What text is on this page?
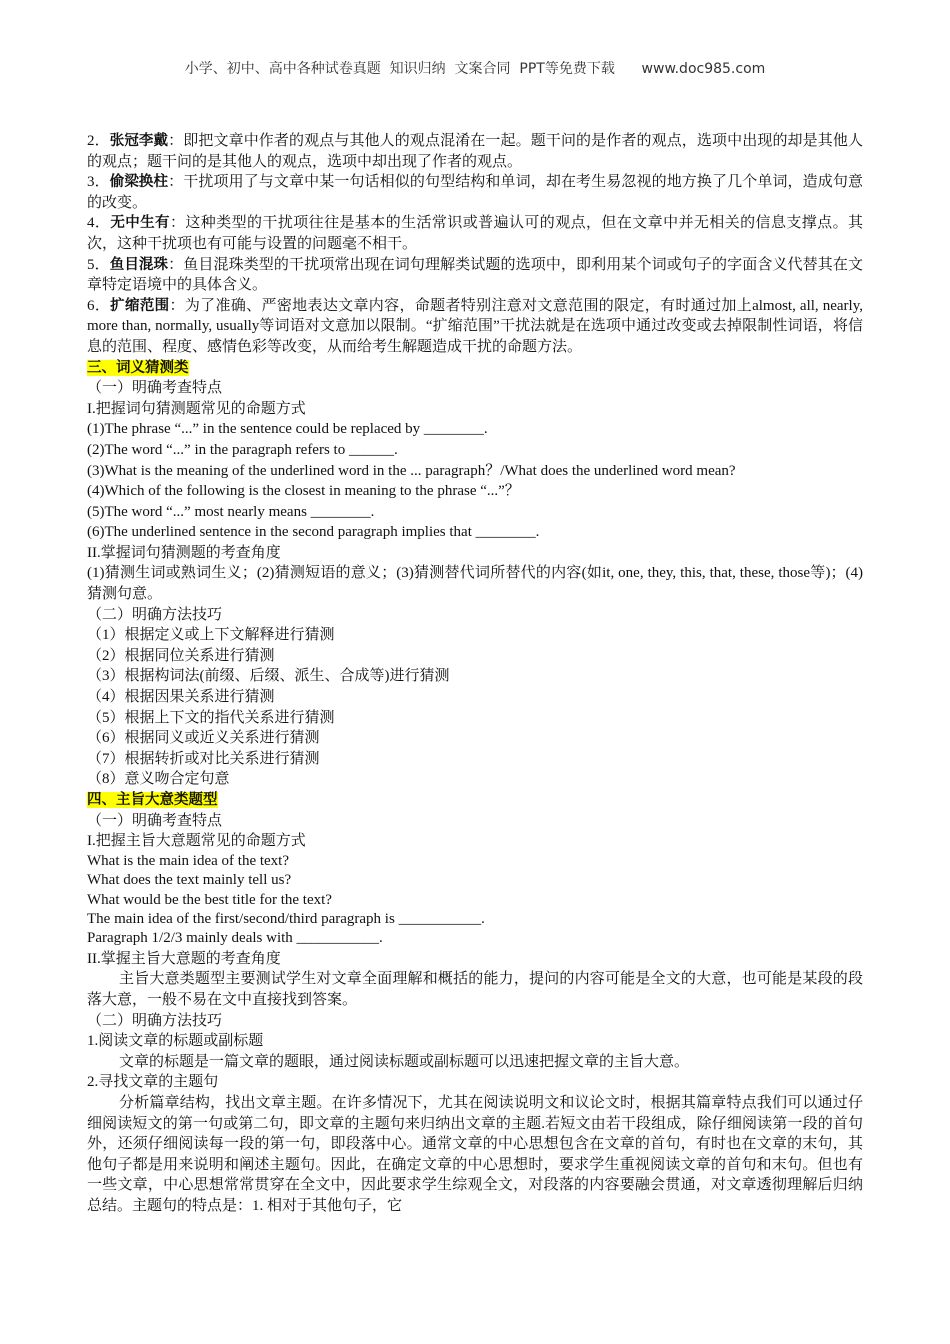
小学、初中、高中各种试卷真题  知识归纳  文案合同  PPT等免费下载      www.doc985.com

2．张冠李戴：即把文章中作者的观点与其他人的观点混淆在一起。题干问的是作者的观点，选项中出现的却是其他人的观点；题干问的是其他人的观点，选项中却出现了作者的观点。

3．偷梁换柱：干扰项用了与文章中某一句话相似的句型结构和单词，却在考生易忽视的地方换了几个单词，造成句意的改变。

4．无中生有：这种类型的干扰项往往是基本的生活常识或普遍认可的观点，但在文章中并无相关的信息支撑点。其次，这种干扰项也有可能与设置的问题毫不相干。

5．鱼目混珠：鱼目混珠类型的干扰项常出现在词句理解类试题的选项中，即利用某个词或句子的字面含义代替其在文章特定语境中的具体含义。

6．扩缩范围：为了准确、严密地表达文章内容，命题者特别注意对文意范围的限定，有时通过加上almost, all, nearly, more than, normally, usually等词语对文意加以限制。“扩缩范围”干扰法就是在选项中通过改变或去掉限制性词语，将信息的范围、程度、感情色彩等改变，从而给考生解题造成干扰的命题方法。

三、词义猜测类

（一）明确考查特点

I.把握词句猜测题常见的命题方式

(1)The phrase “...” in the sentence could be replaced by ________.

(2)The word “...” in the paragraph refers to ______.

(3)What is the meaning of the underlined word in the ... paragraph？/What does the underlined word mean?

(4)Which of the following is the closest in meaning to the phrase “...”？

(5)The word “...” most nearly means ________.

(6)The underlined sentence in the second paragraph implies that ________.

II.掌握词句猜测题的考查角度

(1)猜测生词或熟词生义；(2)猜测短语的意义；(3)猜测替代词所替代的内容(如it, one, they, this, that, these, those等)；(4)猜测句意。

（二）明确方法技巧

（1）根据定义或上下文解释进行猜测

（2）根据同位关系进行猜测

（3）根据构词法(前缀、后缀、派生、合成等)进行猜测

（4）根据因果关系进行猜测

（5）根据上下文的指代关系进行猜测

（6）根据同义或近义关系进行猜测

（7）根据转折或对比关系进行猜测

（8）意义吻合定句意

四、主旨大意类题型

（一）明确考查特点

I.把握主旨大意题常见的命题方式

What is the main idea of the text?

What does the text mainly tell us?

What would be the best title for the text?

The main idea of the first/second/third paragraph is ___________.

Paragraph 1/2/3 mainly deals with ___________.

II.掌握主旨大意题的考查角度

主旨大意类题型主要测试学生对文章全面理解和概括的能力，提问的内容可能是全文的大意，也可能是某段的段落大意，一般不易在文中直接找到答案。

（二）明确方法技巧

1.阅读文章的标题或副标题

文章的标题是一篇文章的题眼，通过阅读标题或副标题可以迅速把握文章的主旨大意。

2.寻找文章的主题句

分析篇章结构，找出文章主题。在许多情况下，尤其在阅读说明文和议论文时，根据其篇章特点我们可以通过仔细阅读短文的第一句或第二句，即文章的主题句来归纳出文章的主题.若短文由若干段组成，除仔细阅读第一段的首句外，还须仔细阅读每一段的第一句，即段落中心。通常文章的中心思想包含在文章的首句，有时也在文章的末句，其他句子都是用来说明和阐述主题句。因此，在确定文章的中心思想时，要求学生重视阅读文章的首句和末句。但也有一些文章，中心思想常常贯穿在全文中，因此要求学生综观全文，对段落的内容要融会贯通，对文章透彻理解后归纳总结。主题句的特点是：1. 相对于其他句子，它
